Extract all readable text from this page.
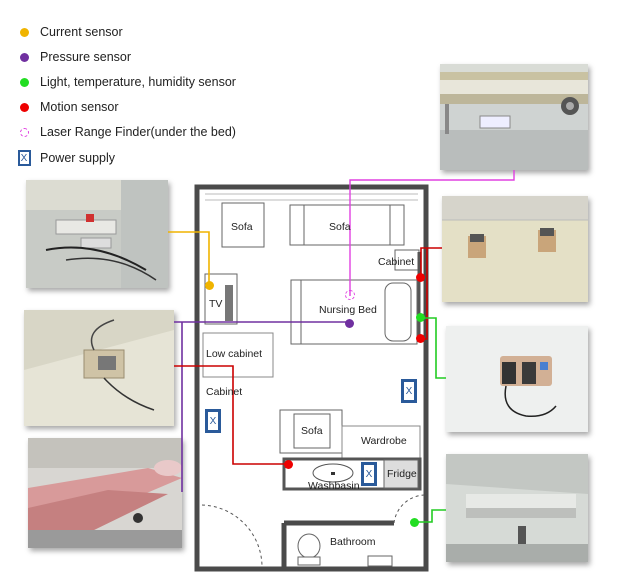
Current sensor
Pressure sensor
Light, temperature, humidity sensor
Motion sensor
Laser Range Finder(under the bed)
X Power supply
X
X
X
Sofa	Sofa
Cabinet
TV	Nursing Bed
Low cabinet
Cabinet
Sofa
Wardrobe
Washbasin
Fridge
Bathroom
